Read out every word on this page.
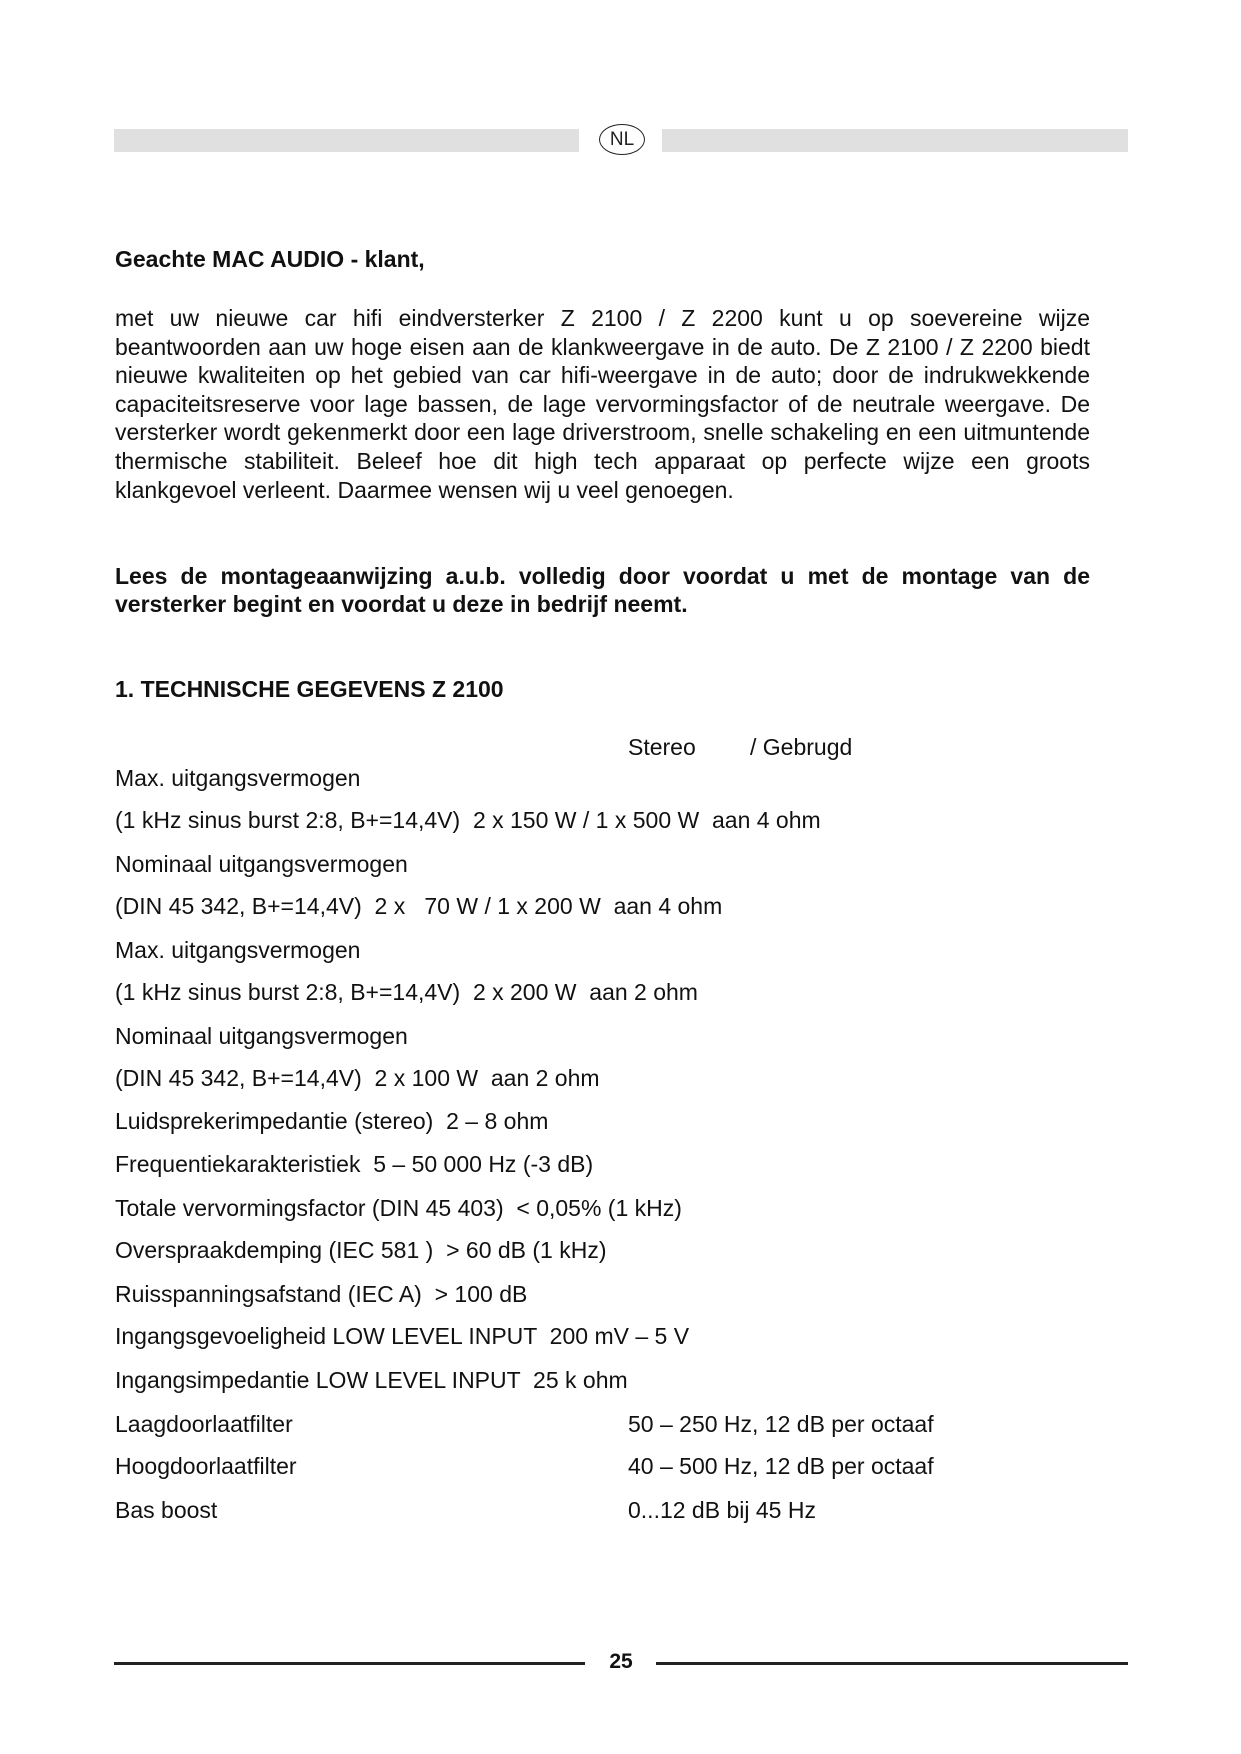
NL
Geachte MAC AUDIO - klant,
met uw nieuwe car hifi eindversterker Z 2100 / Z 2200 kunt u op soevereine wijze beantwoorden aan uw hoge eisen aan de klankweergave in de auto. De Z 2100 / Z 2200 biedt nieuwe kwaliteiten op het gebied van car hifi-weergave in de auto; door de indrukwekkende capaciteitsreserve voor lage bassen, de lage vervormingsfactor of de neutrale weergave. De versterker wordt gekenmerkt door een lage driverstroom, snelle schakeling en een uitmuntende thermische stabiliteit. Beleef hoe dit high tech apparaat op perfecte wijze een groots klankgevoel verleent. Daarmee wensen wij u veel genoegen.
Lees de montageaanwijzing a.u.b. volledig door voordat u met de montage van de versterker begint en voordat u deze in bedrijf neemt.
1. TECHNISCHE GEGEVENS Z 2100
Stereo / Gebrugd
Max. uitgangsvermogen
(1 kHz sinus burst 2:8, B+=14,4V)  2 x 150 W / 1 x 500 W  aan 4 ohm
Nominaal uitgangsvermogen
(DIN 45 342, B+=14,4V)  2 x   70 W / 1 x 200 W  aan 4 ohm
Max. uitgangsvermogen
(1 kHz sinus burst 2:8, B+=14,4V)  2 x 200 W  aan 2 ohm
Nominaal uitgangsvermogen
(DIN 45 342, B+=14,4V)  2 x 100 W  aan 2 ohm
Luidsprekerimpedantie (stereo)  2 – 8 ohm
Frequentiekarakteristiek  5 – 50 000 Hz (-3 dB)
Totale vervormingsfactor (DIN 45 403)  < 0,05% (1 kHz)
Overspraakdemping (IEC 581 )  > 60 dB (1 kHz)
Ruisspanningsafstand (IEC A)  > 100 dB
Ingangsgevoeligheid LOW LEVEL INPUT  200 mV – 5 V
Ingangsimpedantie LOW LEVEL INPUT  25 k ohm
Laagdoorlaatfilter	50 – 250 Hz, 12 dB per octaaf
Hoogdoorlaatfilter	40 – 500 Hz, 12 dB per octaaf
Bas boost	0...12 dB bij 45 Hz
25
